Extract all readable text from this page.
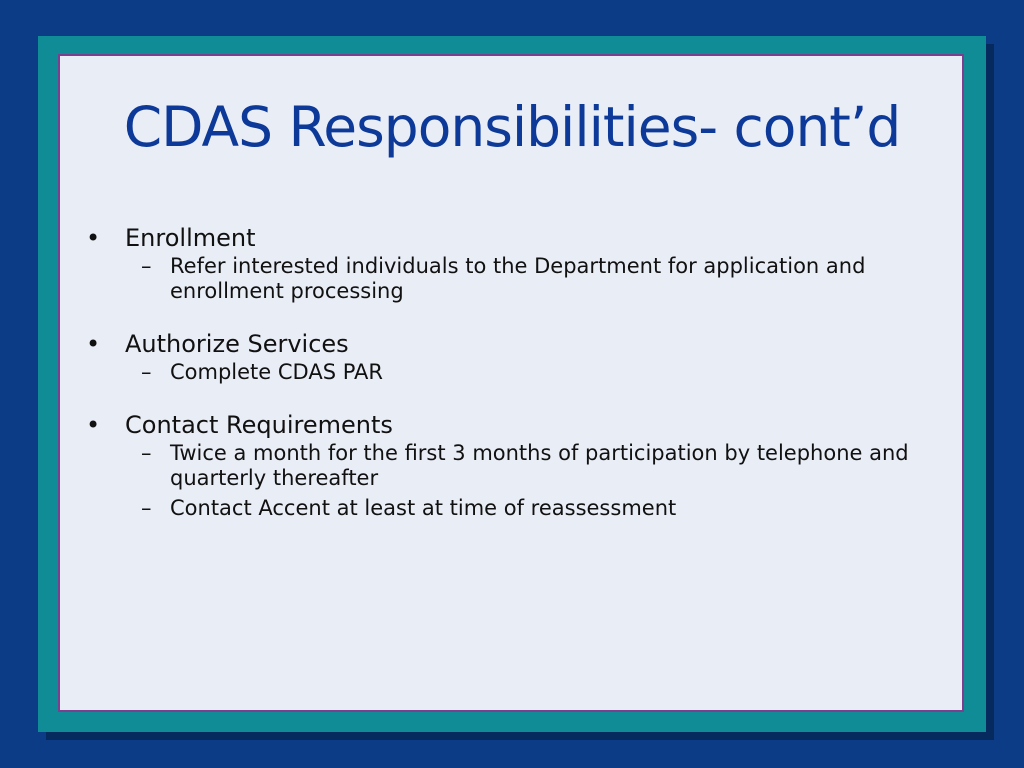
CDAS Responsibilities- cont’d
• Enrollment
– Refer interested individuals to the Department for application and enrollment processing
• Authorize Services
– Complete CDAS PAR
• Contact Requirements
– Twice a month for the first 3 months of participation by telephone and quarterly thereafter
– Contact Accent at least at time of reassessment
